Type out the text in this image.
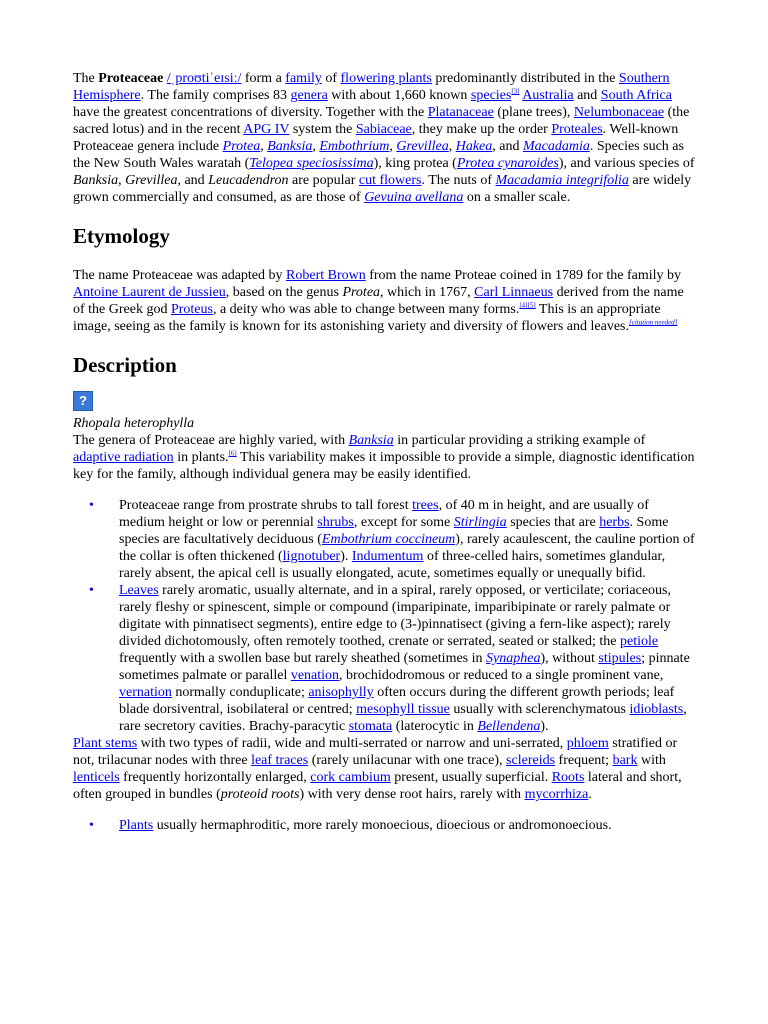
The Proteaceae /ˌproʊtiˈeɪsiː/ form a family of flowering plants predominantly distributed in the Southern Hemisphere. The family comprises 83 genera with about 1,660 known species[3] Australia and South Africa have the greatest concentrations of diversity. Together with the Platanaceae (plane trees), Nelumbonaceae (the sacred lotus) and in the recent APG IV system the Sabiaceae, they make up the order Proteales. Well-known Proteaceae genera include Protea, Banksia, Embothrium, Grevillea, Hakea, and Macadamia. Species such as the New South Wales waratah (Telopea speciosissima), king protea (Protea cynaroides), and various species of Banksia, Grevillea, and Leucadendron are popular cut flowers. The nuts of Macadamia integrifolia are widely grown commercially and consumed, as are those of Gevuina avellana on a smaller scale.

Etymology

The name Proteaceae was adapted by Robert Brown from the name Proteae coined in 1789 for the family by Antoine Laurent de Jussieu, based on the genus Protea, which in 1767, Carl Linnaeus derived from the name of the Greek god Proteus, a deity who was able to change between many forms.[4][5] This is an appropriate image, seeing as the family is known for its astonishing variety and diversity of flowers and leaves.[citation needed]

Description
?

Rhopala heterophylla

The genera of Proteaceae are highly varied, with Banksia in particular providing a striking example of adaptive radiation in plants.[6] This variability makes it impossible to provide a simple, diagnostic identification key for the family, although individual genera may be easily identified.

• Proteaceae range from prostrate shrubs to tall forest trees, of 40 m in height, and are usually of medium height or low or perennial shrubs, except for some Stirlingia species that are herbs. Some species are facultatively deciduous (Embothrium coccineum), rarely acaulescent, the cauline portion of the collar is often thickened (lignotuber). Indumentum of three-celled hairs, sometimes glandular, rarely absent, the apical cell is usually elongated, acute, sometimes equally or unequally bifid.
• Leaves rarely aromatic, usually alternate, and in a spiral, rarely opposed, or verticilate; coriaceous, rarely fleshy or spinescent, simple or compound (imparipinate, imparibipinate or rarely palmate or digitate with pinnatisect segments), entire edge to (3-)pinnatisect (giving a fern-like aspect); rarely divided dichotomously, often remotely toothed, crenate or serrated, seated or stalked; the petiole frequently with a swollen base but rarely sheathed (sometimes in Synaphea), without stipules; pinnate sometimes palmate or parallel venation, brochidodromous or reduced to a single prominent vane, vernation normally conduplicate; anisophylly often occurs during the different growth periods; leaf blade dorsiventral, isobilateral or centred; mesophyll tissue usually with sclerenchymatous idioblasts, rare secretory cavities. Brachy-paracytic stomata (laterocytic in Bellendena).

Plant stems with two types of radii, wide and multi-serrated or narrow and uni-serrated, phloem stratified or not, trilacunar nodes with three leaf traces (rarely unilacunar with one trace), sclereids frequent; bark with lenticels frequently horizontally enlarged, cork cambium present, usually superficial. Roots lateral and short, often grouped in bundles (proteoid roots) with very dense root hairs, rarely with mycorrhiza.

• Plants usually hermaphroditic, more rarely monoecious, dioecious or andromonoecious.
